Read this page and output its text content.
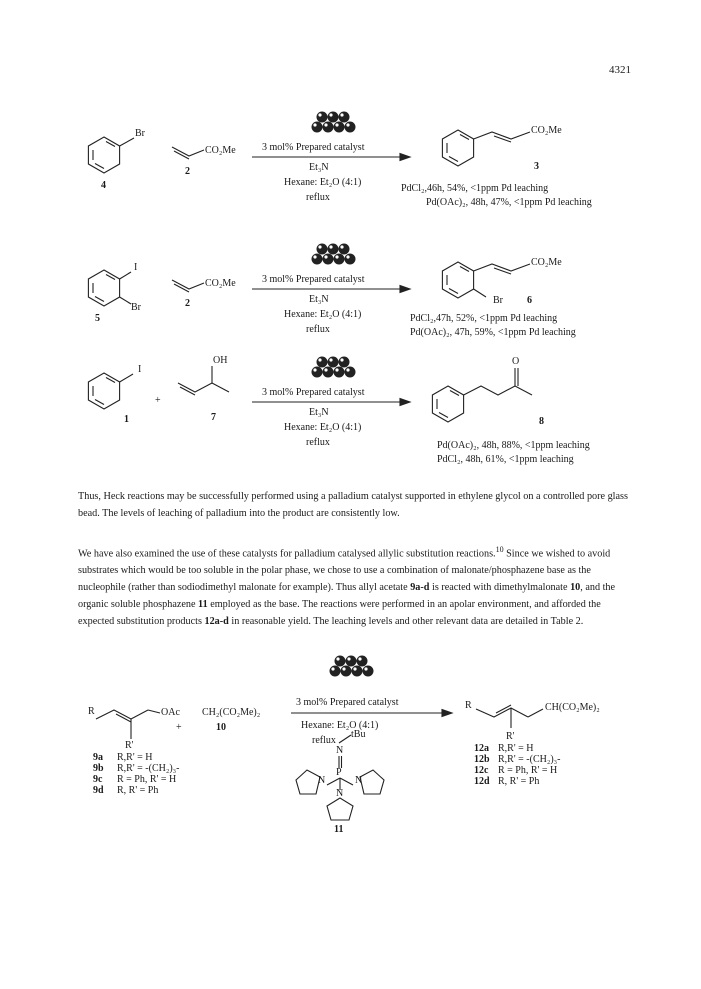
4321
Br
4
CO₂Me
2
3 mol% Prepared catalyst
Et₃N
Hexane: Et₂O (4:1)
reflux
CO₂Me
3
PdCl₂,46h, 54%, <1ppm Pd leaching
Pd(OAc)₂, 48h, 47%, <1ppm Pd leaching
I
Br
5
CO₂Me
2
3 mol% Prepared catalyst
Et₃N
Hexane: Et₂O (4:1)
reflux
CO₂Me
Br 6
PdCl₂,47h, 52%, <1ppm Pd leaching
Pd(OAc)₂, 47h, 59%, <1ppm Pd leaching
I
1
+
OH
7
3 mol% Prepared catalyst
Et₃N
Hexane: Et₂O (4:1)
reflux
O
8
Pd(OAc)₂, 48h, 88%, <1ppm leaching
PdCl₂, 48h, 61%, <1ppm leaching

Thus, Heck reactions may be successfully performed using a palladium catalyst supported in ethylene glycol on a controlled pore glass bead. The levels of leaching of palladium into the product are consistently low.

We have also examined the use of these catalysts for palladium catalysed allylic substitution reactions.$^{10}$ Since we wished to avoid substrates which would be too soluble in the polar phase, we chose to use a combination of malonate/phosphazene base as the nucleophile (rather than sodiodimethyl malonate for example). Thus allyl acetate 9a-d is reacted with dimethylmalonate 10, and the organic soluble phosphazene 11 employed as the base. The reactions were performed in an apolar environment, and afforded the expected substitution products 12a-d in reasonable yield. The leaching levels and other relevant data are detailed in Table 2.

R	OAc CH₂(CO₂Me)₂
+	10
R'
9a R,R' = H
9b R,R' = -(CH₂)₃-
9c R = Ph, R' = H
9d R, R' = Ph
3 mol% Prepared catalyst
Hexane: Et₂O (4:1)
reflux
tBu
N
P
N	N
N
11
R	CH(CO₂Me)₂
R'
12a R,R' = H
12b R,R' = -(CH₂)₃-
12c R = Ph, R' = H
12d R, R' = Ph
